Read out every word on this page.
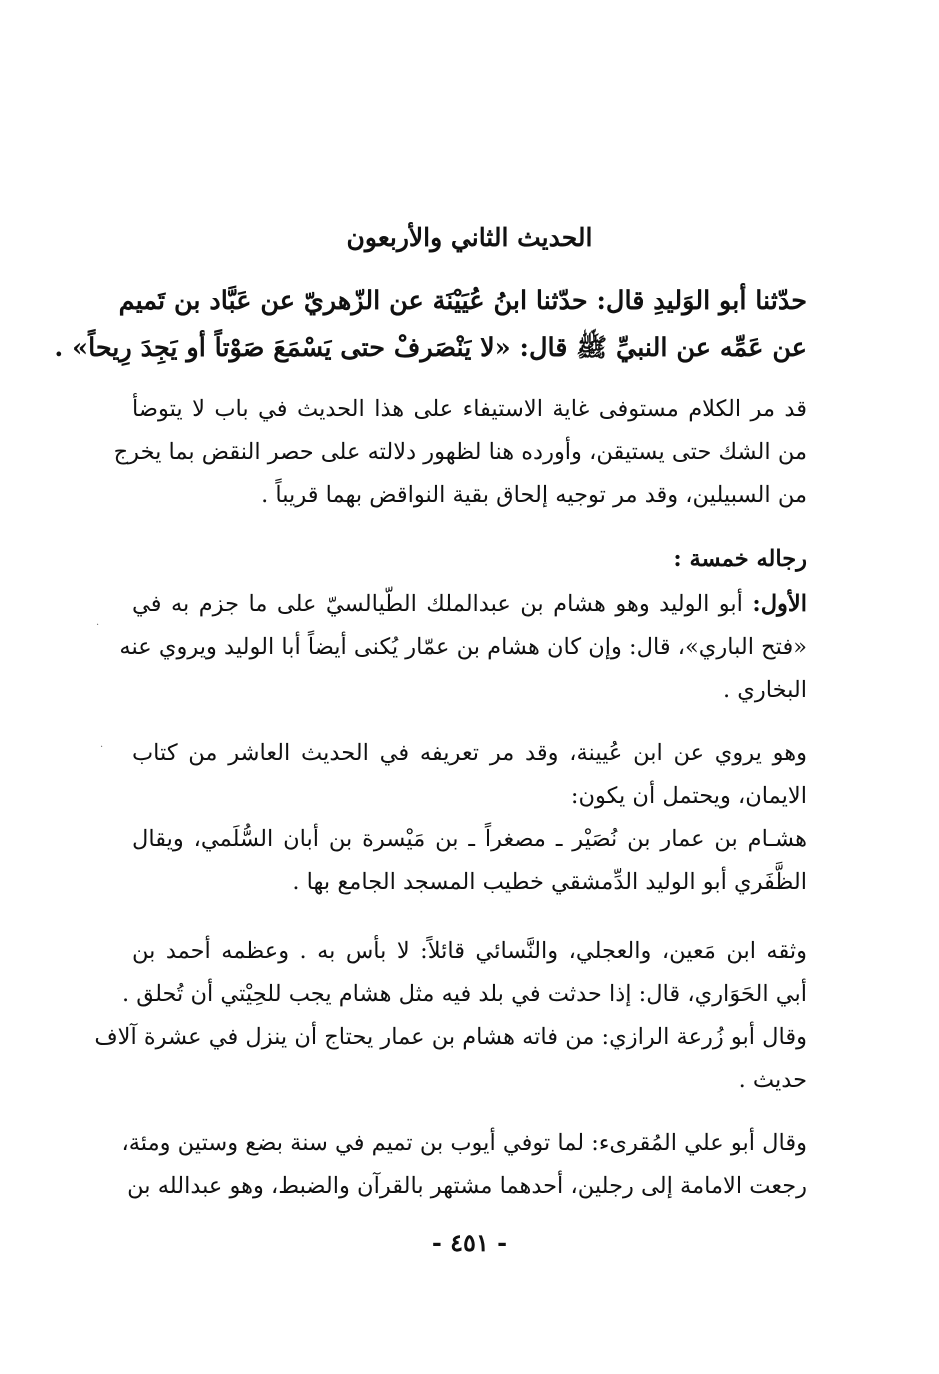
الحديث الثاني والأربعون
حدّثنا أبو الوَليدِ قال: حدّثنا ابنُ عُيَيْنَة عن الزّهريّ عن عَبَّاد بن تَميم
عن عَمِّه عن النبيِّ ﷺ قال: «لا يَنْصَرفْ حتى يَسْمَعَ صَوْتاً أو يَجِدَ رِيحاً» .
قد مر الكلام مستوفى غاية الاستيفاء على هذا الحديث في باب لا يتوضأ
من الشك حتى يستيقن، وأورده هنا لظهور دلالته على حصر النقض بما يخرج
من السبيلين، وقد مر توجيه إلحاق بقية النواقض بهما قريباً .
رجاله خمسة :
الأول: أبو الوليد وهو هشام بن عبدالملك الطّيالسيّ على ما جزم به في
«فتح الباري»، قال: وإن كان هشام بن عمّار يُكنى أيضاً أبا الوليد ويروي عنه
البخاري .
وهو يروي عن ابن عُيينة، وقد مر تعريفه في الحديث العاشر من كتاب
الايمان، ويحتمل أن يكون:
هشـام بن عمار بن نُصَيْر ـ مصغراً ـ بن مَيْسرة بن أبان السُّلَمي، ويقال
الظَّفَري أبو الوليد الدِّمشقي خطيب المسجد الجامع بها .
وثقه ابن مَعين، والعجلي، والنَّسائي قائلاً: لا بأس به . وعظمه أحمد بن
أبي الحَوَاري، قال: إذا حدثت في بلد فيه مثل هشام يجب للحِيْتي أن تُحلق .
وقال أبو زُرعة الرازي: من فاته هشام بن عمار يحتاج أن ينزل في عشرة آلاف
حديث .
وقال أبو علي المُقرىء: لما توفي أيوب بن تميم في سنة بضع وستين ومئة،
رجعت الامامة إلى رجلين، أحدهما مشتهر بالقرآن والضبط، وهو عبدالله بن
- ٤٥١ -
·
·
